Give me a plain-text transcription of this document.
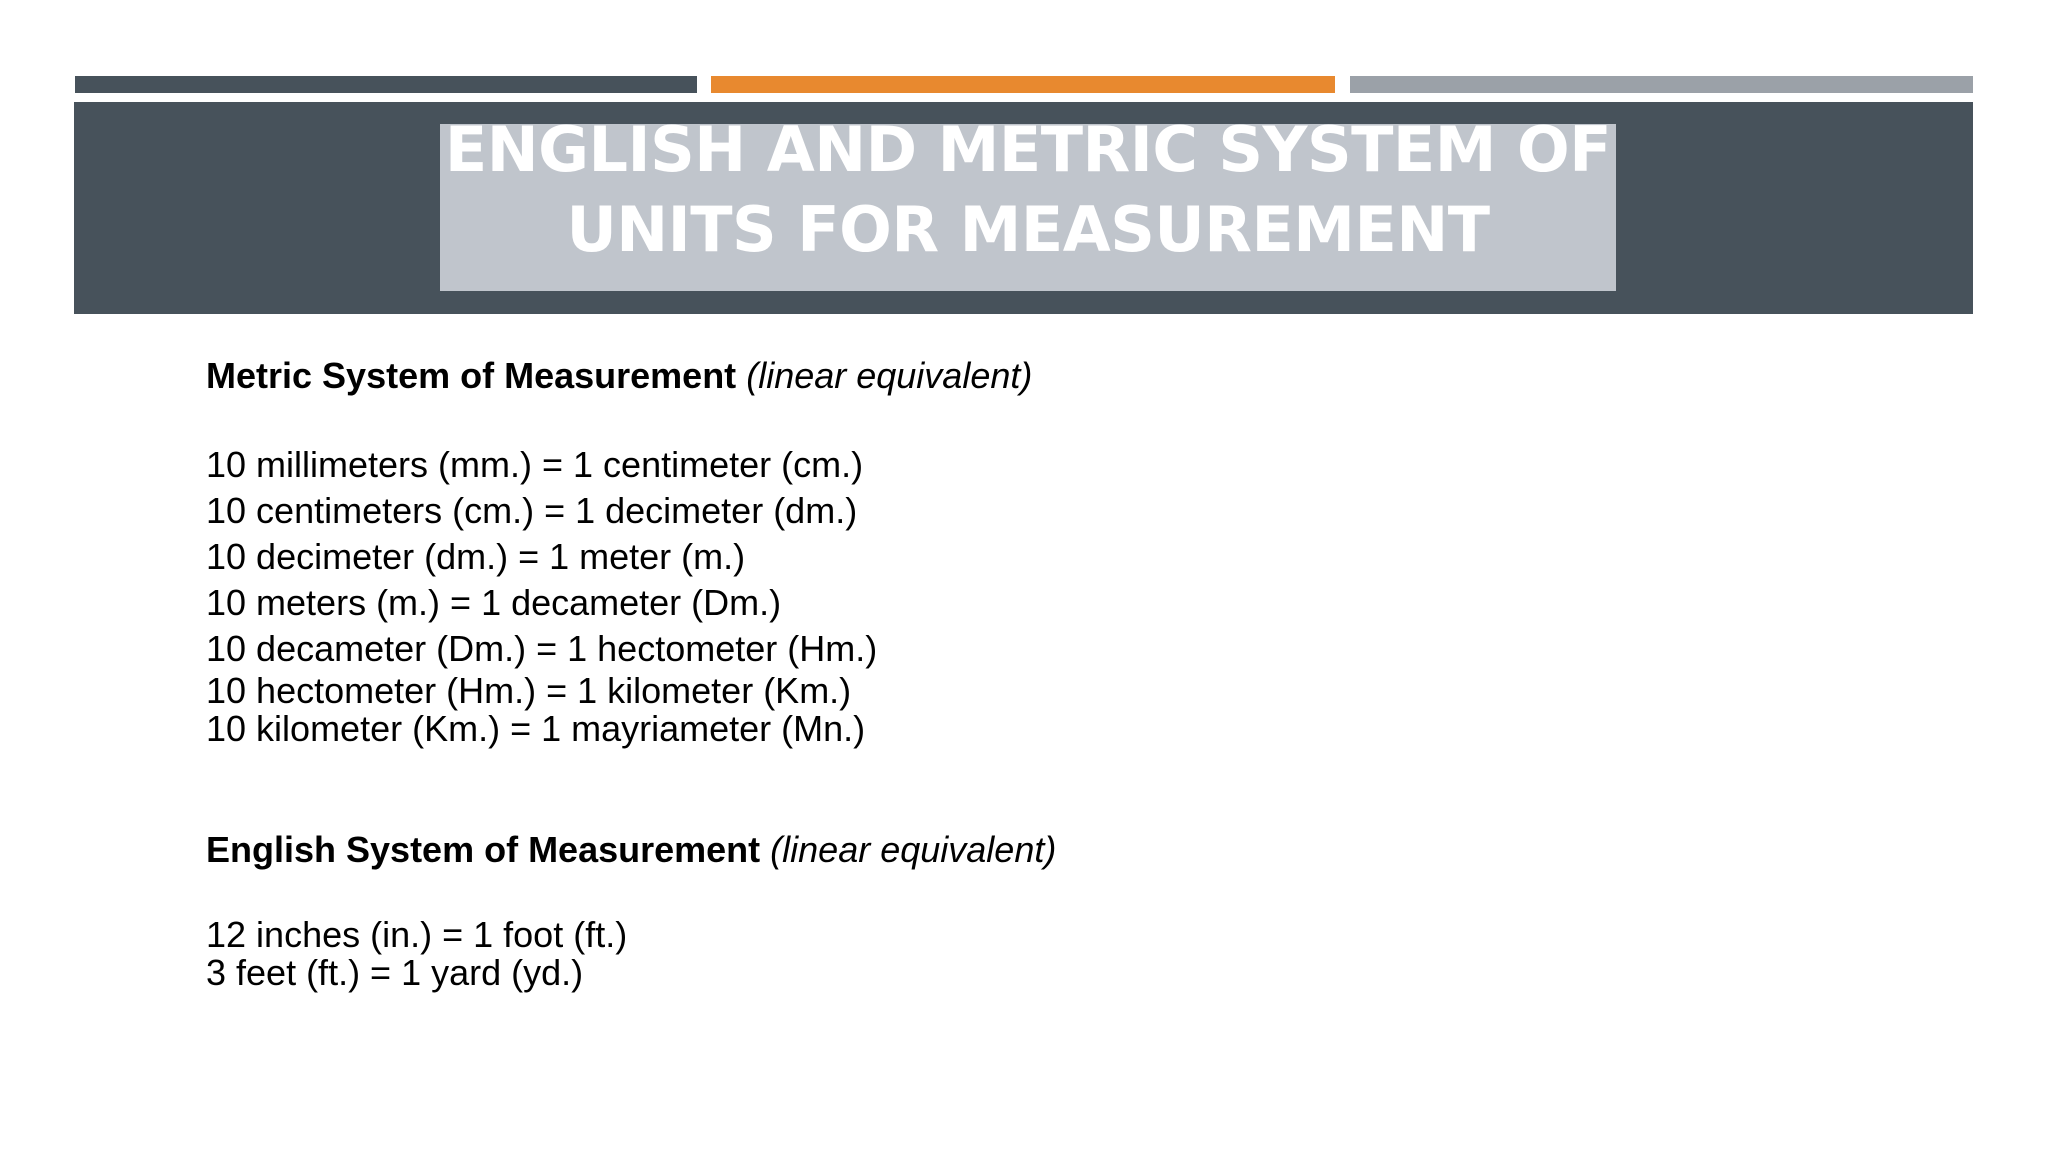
ENGLISH AND METRIC SYSTEM OF
UNITS FOR MEASUREMENT
Metric System of Measurement (linear equivalent)
10 millimeters (mm.) = 1 centimeter (cm.)
10 centimeters (cm.) = 1 decimeter (dm.)
10 decimeter (dm.) = 1 meter (m.)
10 meters (m.) = 1 decameter (Dm.)
10 decameter (Dm.) = 1 hectometer (Hm.)
10 hectometer (Hm.) = 1 kilometer (Km.)
10 kilometer (Km.) = 1 mayriameter (Mn.)
English System of Measurement (linear equivalent)
12 inches (in.) = 1 foot (ft.)
3 feet (ft.) = 1 yard (yd.)
